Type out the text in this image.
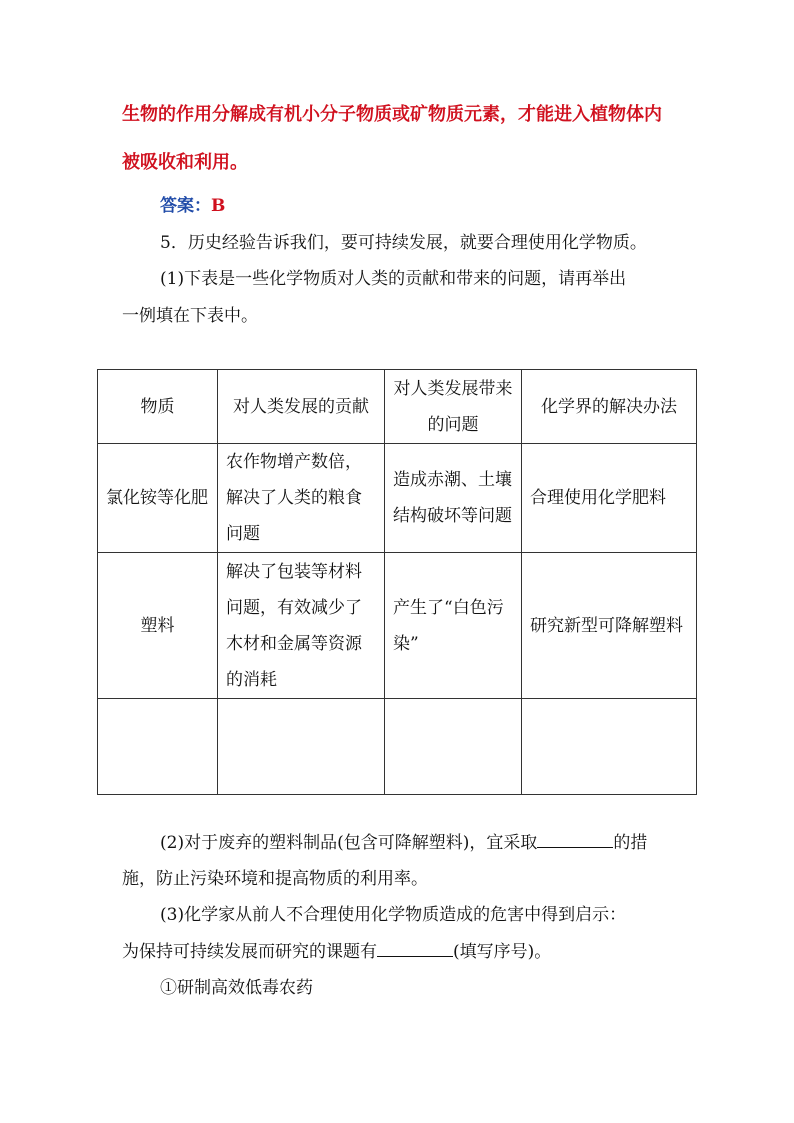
生物的作用分解成有机小分子物质或矿物质元素，才能进入植物体内
被吸收和利用。
答案：B
5．历史经验告诉我们，要可持续发展，就要合理使用化学物质。
(1)下表是一些化学物质对人类的贡献和带来的问题，请再举出
一例填在下表中。
物质	对人类发展的贡献	对人类发展带来的问题	化学界的解决办法
氯化铵等化肥	农作物增产数倍，解决了人类的粮食问题	造成赤潮、土壤结构破坏等问题	合理使用化学肥料
塑料	解决了包装等材料问题，有效减少了木材和金属等资源的消耗	产生了“白色污染”	研究新型可降解塑料

(2)对于废弃的塑料制品(包含可降解塑料)，宜采取	的措
施，防止污染环境和提高物质的利用率。
(3)化学家从前人不合理使用化学物质造成的危害中得到启示：
为保持可持续发展而研究的课题有	(填写序号)。
①研制高效低毒农药
